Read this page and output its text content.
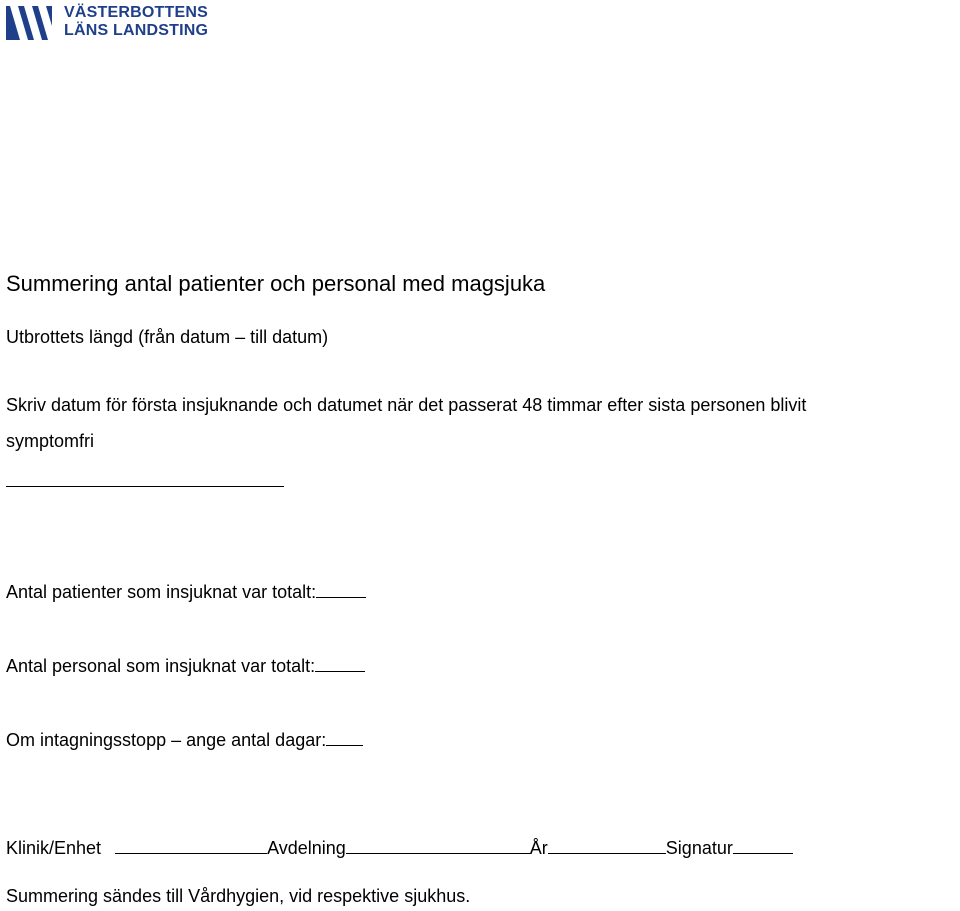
VÄSTERBOTTENS
LÄNS LANDSTING
Summering antal patienter och personal med magsjuka
Utbrottets längd (från datum – till datum)
Skriv datum för första insjuknande och datumet när det passerat 48 timmar efter sista personen blivit
symptomfri
Antal patienter som insjuknat var totalt:
Antal personal som insjuknat var totalt:
Om intagningsstopp – ange antal dagar:
Klinik/Enhet	Avdelning	År	Signatur
Summering sändes till Vårdhygien, vid respektive sjukhus.
